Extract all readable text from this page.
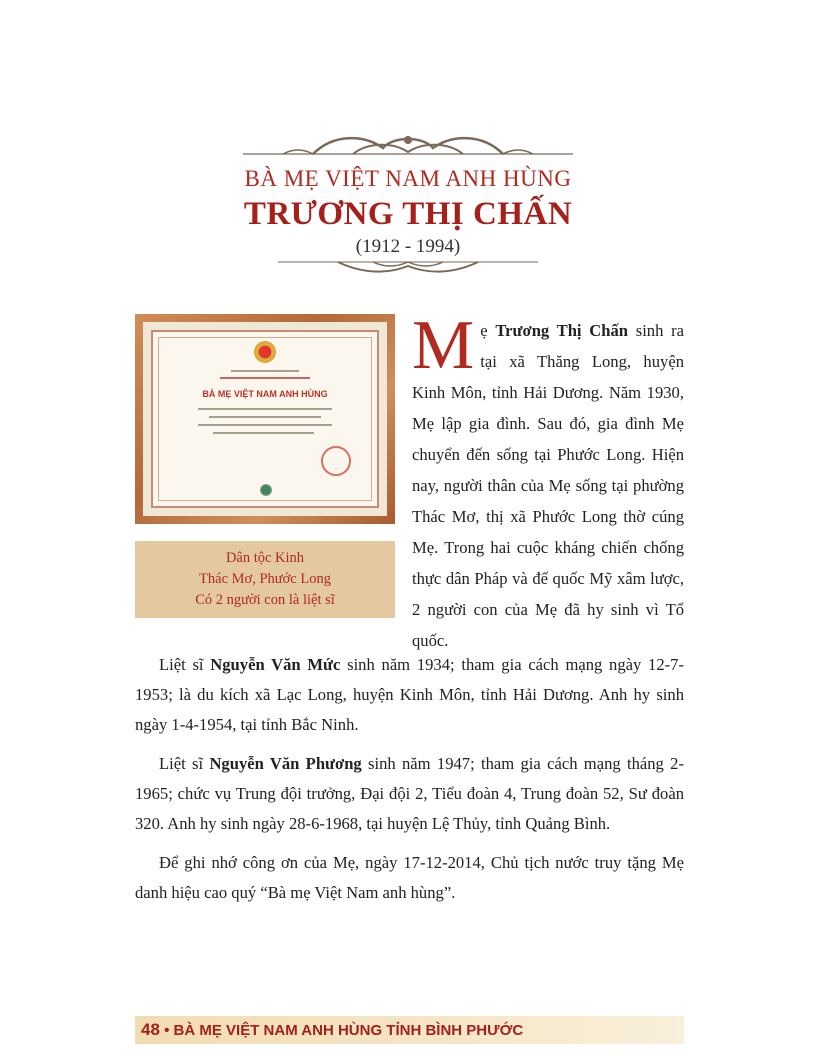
BÀ MẸ VIỆT NAM ANH HÙNG
TRƯƠNG THỊ CHẤN
(1912 - 1994)
BÀ MẸ VIỆT NAM ANH HÙNG
Dân tộc Kinh
Thác Mơ, Phước Long
Có 2 người con là liệt sĩ
Mẹ Trương Thị Chấn sinh ra tại xã Thăng Long, huyện Kinh Môn, tỉnh Hải Dương. Năm 1930, Mẹ lập gia đình. Sau đó, gia đình Mẹ chuyển đến sống tại Phước Long. Hiện nay, người thân của Mẹ sống tại phường Thác Mơ, thị xã Phước Long thờ cúng Mẹ. Trong hai cuộc kháng chiến chống thực dân Pháp và đế quốc Mỹ xâm lược, 2 người con của Mẹ đã hy sinh vì Tổ quốc.

Liệt sĩ Nguyễn Văn Mức sinh năm 1934; tham gia cách mạng ngày 12-7-1953; là du kích xã Lạc Long, huyện Kinh Môn, tỉnh Hải Dương. Anh hy sinh ngày 1-4-1954, tại tỉnh Bắc Ninh.

Liệt sĩ Nguyễn Văn Phương sinh năm 1947; tham gia cách mạng tháng 2-1965; chức vụ Trung đội trưởng, Đại đội 2, Tiểu đoàn 4, Trung đoàn 52, Sư đoàn 320. Anh hy sinh ngày 28-6-1968, tại huyện Lệ Thủy, tỉnh Quảng Bình.

Để ghi nhớ công ơn của Mẹ, ngày 17-12-2014, Chủ tịch nước truy tặng Mẹ danh hiệu cao quý “Bà mẹ Việt Nam anh hùng”.

48 • BÀ MẸ VIỆT NAM ANH HÙNG TỈNH BÌNH PHƯỚC
